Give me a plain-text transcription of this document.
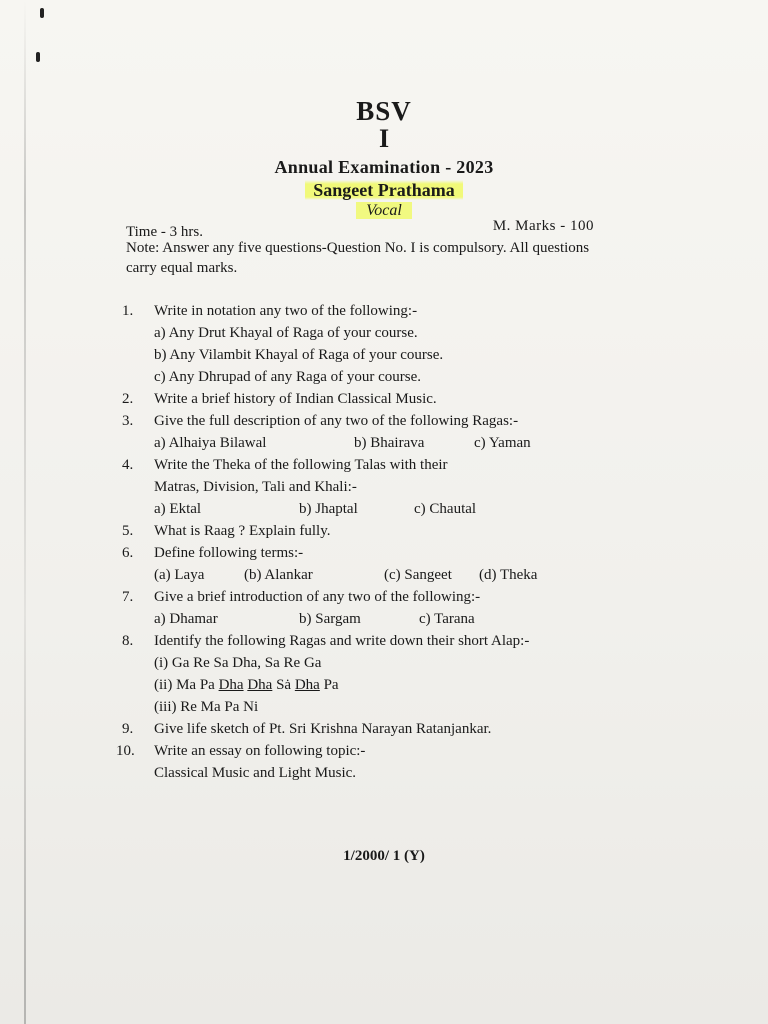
BSV
I
Annual Examination - 2023
Sangeet Prathama
Vocal
Time - 3 hrs.	M. Marks - 100
Note: Answer any five questions-Question No. I is compulsory. All questions carry equal marks.
1.	Write in notation any two of the following:-
a) Any Drut Khayal of Raga of your course.
b) Any Vilambit Khayal of Raga of your course.
c) Any Dhrupad of any Raga of your course.
2.	Write a brief history of Indian Classical Music.
3.	Give the full description of any two of the following Ragas:-
a) Alhaiya Bilawal	b) Bhairava	c) Yaman
4.	Write the Theka of the following Talas with their
Matras, Division, Tali and Khali:-
a) Ektal	b) Jhaptal	c) Chautal
5.	What is Raag ? Explain fully.
6.	Define following terms:-
(a) Laya	(b) Alankar	(c) Sangeet	(d) Theka
7.	Give a brief introduction of any two of the following:-
a) Dhamar	b) Sargam	c) Tarana
8.	Identify the following Ragas and write down their short Alap:-
(i) Ga Re Sa Dha, Sa Re Ga
(ii) Ma Pa Dha Dha Sȧ Dha Pa
(iii) Re Ma Pa Ni
9.	Give life sketch of Pt. Sri Krishna Narayan Ratanjankar.
10.	Write an essay on following topic:-
Classical Music and Light Music.
1/2000/ 1 (Y)
